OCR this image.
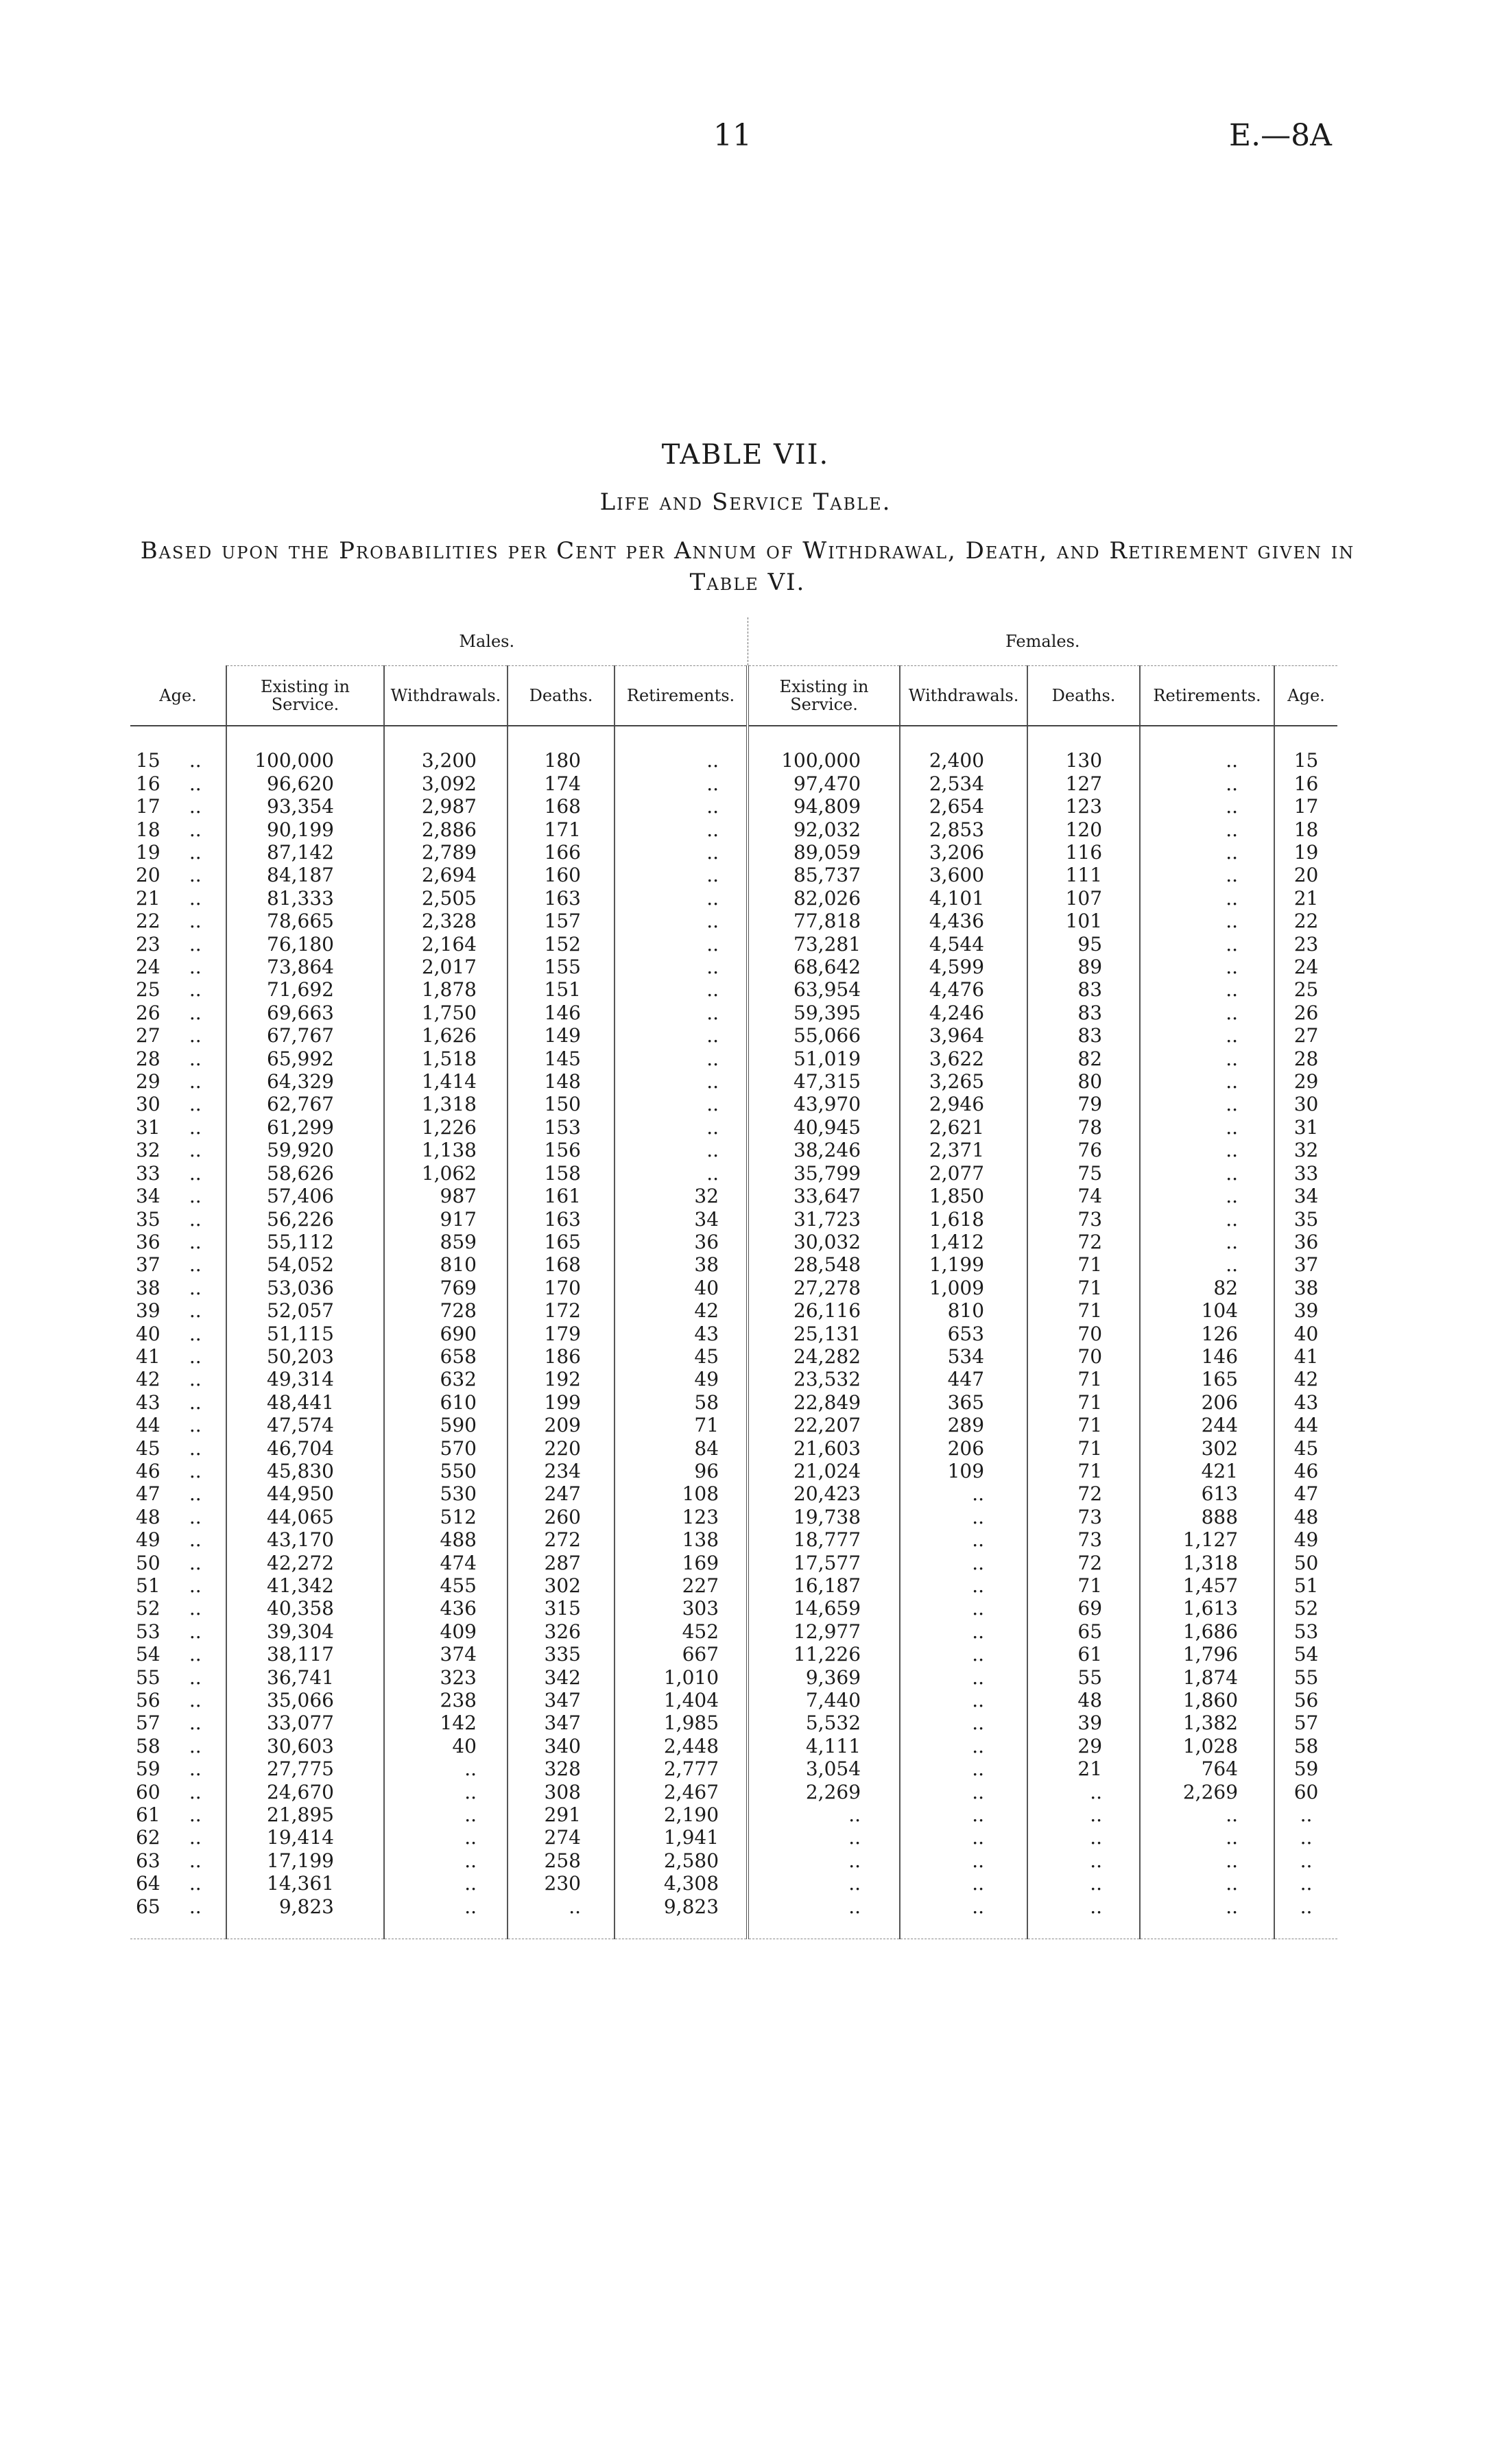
11	E.—8A
TABLE VII.
Life and Service Table.
Based upon the Probabilities per Cent per Annum of Withdrawal, Death, and Retirement given in Table VI.
	Males.				Females.				
Age.	Existing in Service.	Withdrawals.	Deaths.	Retirements.	Existing in Service.	Withdrawals.	Deaths.	Retirements.	Age.

15 ..	100,000	3,200	180	..	100,000	2,400	130	..	15
16 ..	96,620	3,092	174	..	97,470	2,534	127	..	16
17 ..	93,354	2,987	168	..	94,809	2,654	123	..	17
18 ..	90,199	2,886	171	..	92,032	2,853	120	..	18
19 ..	87,142	2,789	166	..	89,059	3,206	116	..	19
20 ..	84,187	2,694	160	..	85,737	3,600	111	..	20
21 ..	81,333	2,505	163	..	82,026	4,101	107	..	21
22 ..	78,665	2,328	157	..	77,818	4,436	101	..	22
23 ..	76,180	2,164	152	..	73,281	4,544	95	..	23
24 ..	73,864	2,017	155	..	68,642	4,599	89	..	24
25 ..	71,692	1,878	151	..	63,954	4,476	83	..	25
26 ..	69,663	1,750	146	..	59,395	4,246	83	..	26
27 ..	67,767	1,626	149	..	55,066	3,964	83	..	27
28 ..	65,992	1,518	145	..	51,019	3,622	82	..	28
29 ..	64,329	1,414	148	..	47,315	3,265	80	..	29
30 ..	62,767	1,318	150	..	43,970	2,946	79	..	30
31 ..	61,299	1,226	153	..	40,945	2,621	78	..	31
32 ..	59,920	1,138	156	..	38,246	2,371	76	..	32
33 ..	58,626	1,062	158	..	35,799	2,077	75	..	33
34 ..	57,406	987	161	32	33,647	1,850	74	..	34
35 ..	56,226	917	163	34	31,723	1,618	73	..	35
36 ..	55,112	859	165	36	30,032	1,412	72	..	36
37 ..	54,052	810	168	38	28,548	1,199	71	..	37
38 ..	53,036	769	170	40	27,278	1,009	71	82	38
39 ..	52,057	728	172	42	26,116	810	71	104	39
40 ..	51,115	690	179	43	25,131	653	70	126	40
41 ..	50,203	658	186	45	24,282	534	70	146	41
42 ..	49,314	632	192	49	23,532	447	71	165	42
43 ..	48,441	610	199	58	22,849	365	71	206	43
44 ..	47,574	590	209	71	22,207	289	71	244	44
45 ..	46,704	570	220	84	21,603	206	71	302	45
46 ..	45,830	550	234	96	21,024	109	71	421	46
47 ..	44,950	530	247	108	20,423	..	72	613	47
48 ..	44,065	512	260	123	19,738	..	73	888	48
49 ..	43,170	488	272	138	18,777	..	73	1,127	49
50 ..	42,272	474	287	169	17,577	..	72	1,318	50
51 ..	41,342	455	302	227	16,187	..	71	1,457	51
52 ..	40,358	436	315	303	14,659	..	69	1,613	52
53 ..	39,304	409	326	452	12,977	..	65	1,686	53
54 ..	38,117	374	335	667	11,226	..	61	1,796	54
55 ..	36,741	323	342	1,010	9,369	..	55	1,874	55
56 ..	35,066	238	347	1,404	7,440	..	48	1,860	56
57 ..	33,077	142	347	1,985	5,532	..	39	1,382	57
58 ..	30,603	40	340	2,448	4,111	..	29	1,028	58
59 ..	27,775	..	328	2,777	3,054	..	21	764	59
60 ..	24,670	..	308	2,467	2,269	..	..	2,269	60
61 ..	21,895	..	291	2,190	..	..	..	..	..
62 ..	19,414	..	274	1,941	..	..	..	..	..
63 ..	17,199	..	258	2,580	..	..	..	..	..
64 ..	14,361	..	230	4,308	..	..	..	..	..
65 ..	9,823	..	..	9,823	..	..	..	..	..
